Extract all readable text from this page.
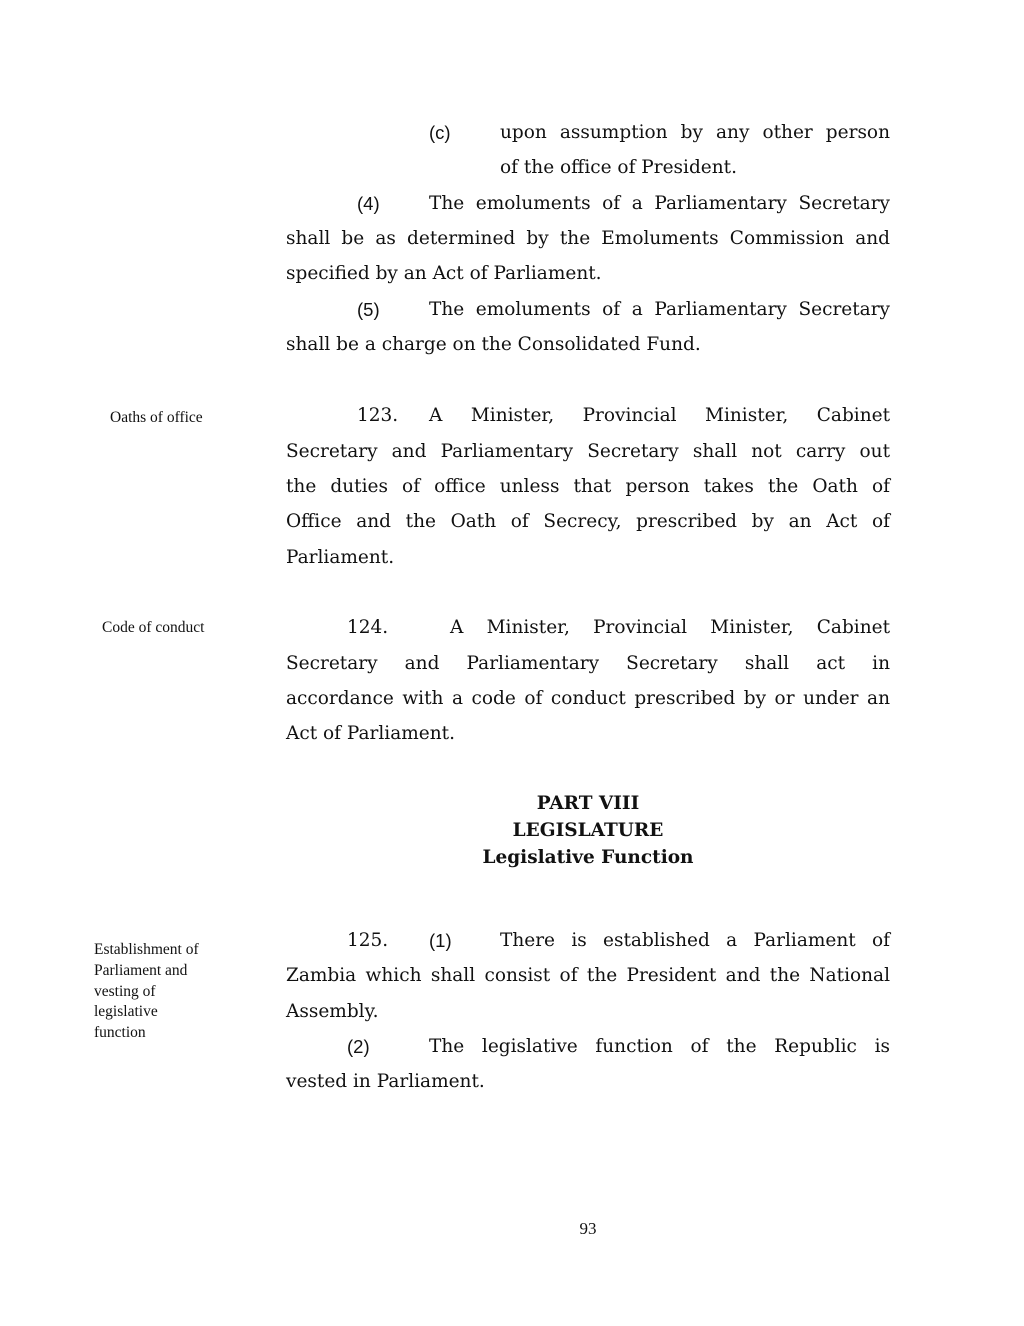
(c)	upon assumption by any other person
of the office of President.
(4)	The emoluments of a Parliamentary Secretary
shall be as determined by the Emoluments Commission and
specified by an Act of Parliament.
(5)	The emoluments of a Parliamentary Secretary
shall be a charge on the Consolidated Fund.
Oaths of office	123. A Minister, Provincial Minister, Cabinet
Secretary and Parliamentary Secretary shall not carry out
the duties of office unless that person takes the Oath of
Office and the Oath of Secrecy, prescribed by an Act of
Parliament.
Code of conduct	124.	A Minister, Provincial Minister, Cabinet
Secretary and Parliamentary Secretary shall act in
accordance with a code of conduct prescribed by or under an
Act of Parliament.
PART VIII
LEGISLATURE
Legislative Function
Establishment of
Parliament and
vesting of
legislative
function
125. (1)	There is established a Parliament of
Zambia which shall consist of the President and the National
Assembly.
(2)	The legislative function of the Republic is
vested in Parliament.
93
